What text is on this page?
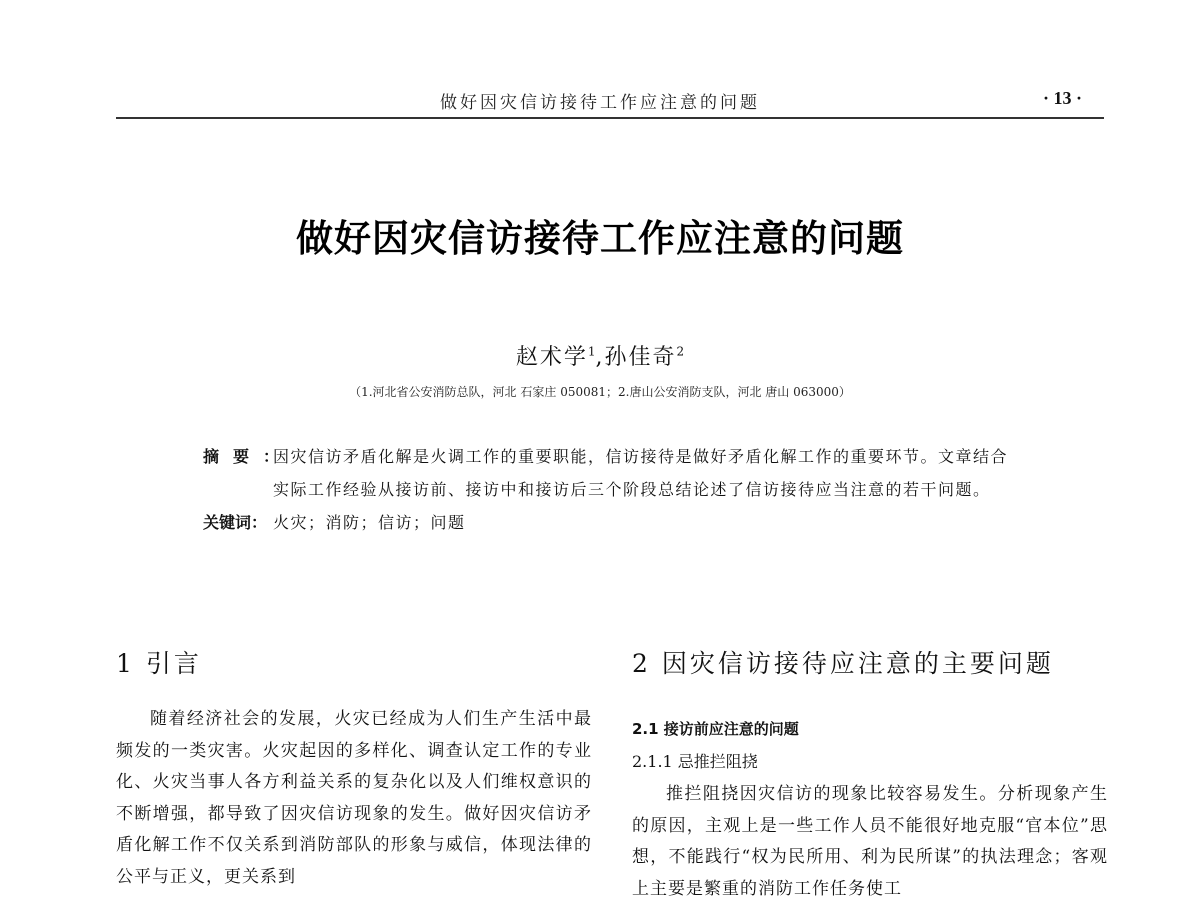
做好因灾信访接待工作应注意的问题	· 13 ·
做好因灾信访接待工作应注意的问题
赵术学$^1$,孙佳奇$^2$
（1.河北省公安消防总队，河北 石家庄 050081；2.唐山公安消防支队，河北 唐山 063000）
摘要：
因灾信访矛盾化解是火调工作的重要职能，信访接待是做好矛盾化解工作的重要环节。文章结合实际工作经验从接访前、接访中和接访后三个阶段总结论述了信访接待应当注意的若干问题。
关键词： 火灾；消防；信访；问题
1 引言
随着经济社会的发展，火灾已经成为人们生产生活中最频发的一类灾害。火灾起因的多样化、调查认定工作的专业化、火灾当事人各方利益关系的复杂化以及人们维权意识的不断增强，都导致了因灾信访现象的发生。做好因灾信访矛盾化解工作不仅关系到消防部队的形象与威信，体现法律的公平与正义，更关系到
2 因灾信访接待应注意的主要问题
2.1 接访前应注意的问题
2.1.1 忌推拦阻挠
推拦阻挠因灾信访的现象比较容易发生。分析现象产生的原因，主观上是一些工作人员不能很好地克服“官本位”思想，不能践行“权为民所用、利为民所谋”的执法理念；客观上主要是繁重的消防工作任务使工
